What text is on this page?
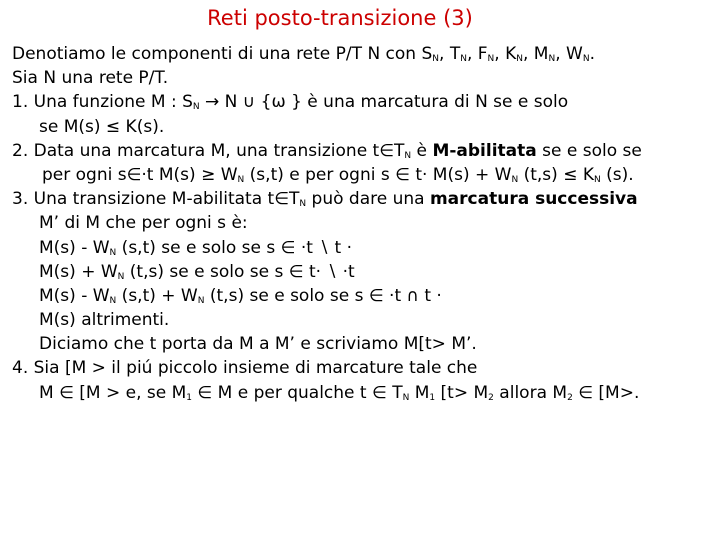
Reti posto-transizione (3)
Denotiamo le componenti di una rete P/T N con $S_N$, $T_N$, $F_N$, $K_N$, $M_N$, $W_N$.
Sia N una rete P/T.
1. Una funzione M : $S_N \to N$ ∪ {ω } è una marcatura di N se e solo
se M(s) ≤ K(s).
2. Data una marcatura M, una transizione $t\in T_N$ è M-abilitata se e solo se
per ogni s∈·t $M(s) \ge W_N$ (s,t) e per ogni s ∈ $t\cdot M(s) + W_N$ $(t,s) \le K_N$ (s).
3. Una transizione M-abilitata $t\in T_N$ può dare una marcatura successiva
M’ di M che per ogni s è:
$M(s) - W_N$ (s,t) se e solo se s ∈ ·t ∖ t ·
$M(s) + W_N$ (t,s) se e solo se s ∈ t· ∖ ·t
$M(s) - W_N$ $(s,t) + W_N$ (t,s) se e solo se s ∈ ·t ∩ t ·
M(s) altrimenti.
Diciamo che t porta da M a M’ e scriviamo M[t> M’.
4. Sia [M > il piú piccolo insieme di marcature tale che
M ∈ [M > e, se $M_1$ ∈ M e per qualche t ∈ $T_N$ $M_1$ [$t> M_2$ allora $M_2$ ∈ [M>.
